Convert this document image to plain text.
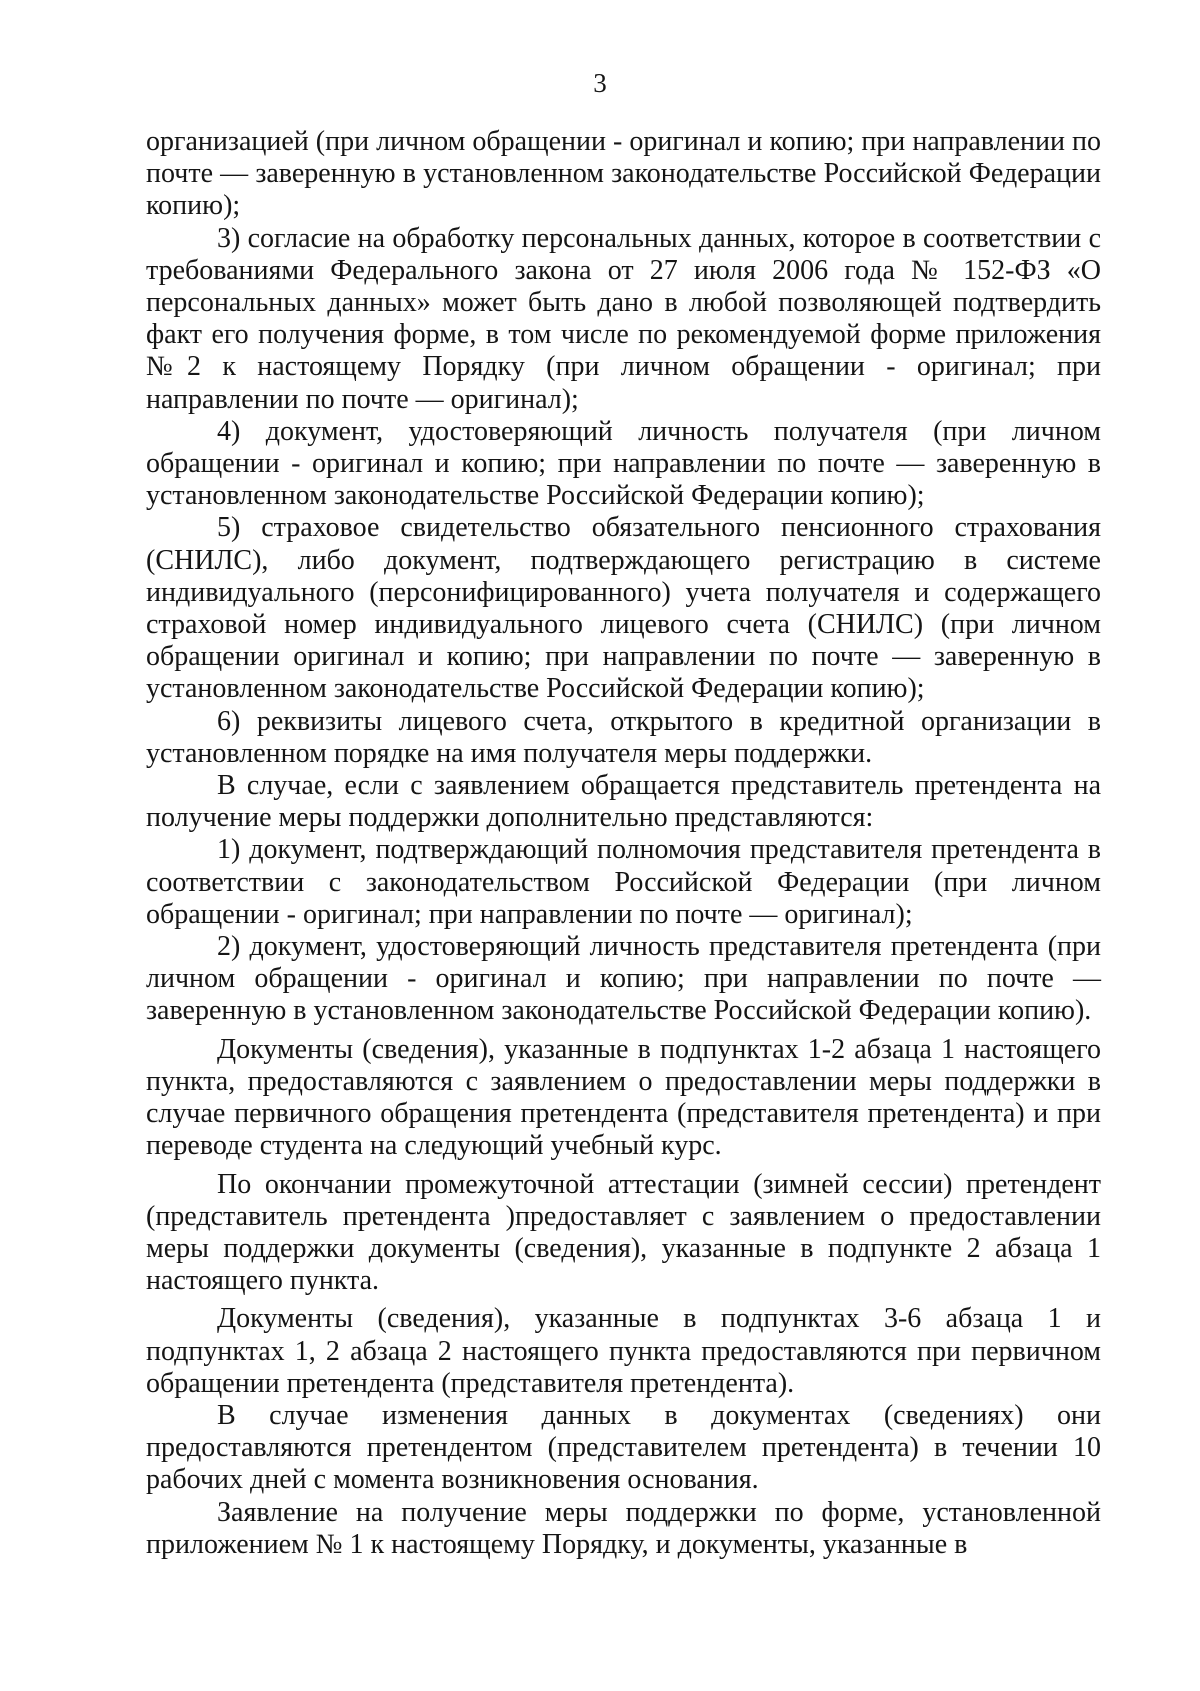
3

организацией (при личном обращении - оригинал и копию; при направлении по почте — заверенную в установленном законодательстве Российской Федерации копию);

3) согласие на обработку персональных данных, которое в соответствии с требованиями Федерального закона от 27 июля 2006 года № 152-ФЗ «О персональных данных» может быть дано в любой позволяющей подтвердить факт его получения форме, в том числе по рекомендуемой форме приложения №2 к настоящему Порядку (при личном обращении - оригинал; при направлении по почте — оригинал);

4) документ, удостоверяющий личность получателя (при личном обращении - оригинал и копию; при направлении по почте — заверенную в установленном законодательстве Российской Федерации копию);

5) страховое свидетельство обязательного пенсионного страхования (СНИЛС), либо документ, подтверждающего регистрацию в системе индивидуального (персонифицированного) учета получателя и содержащего страховой номер индивидуального лицевого счета (СНИЛС) (при личном обращении оригинал и копию; при направлении по почте — заверенную в установленном законодательстве Российской Федерации копию);

6) реквизиты лицевого счета, открытого в кредитной организации в установленном порядке на имя получателя меры поддержки.

В случае, если с заявлением обращается представитель претендента на получение меры поддержки дополнительно представляются:

1) документ, подтверждающий полномочия представителя претендента в соответствии с законодательством Российской Федерации (при личном обращении - оригинал; при направлении по почте — оригинал);

2) документ, удостоверяющий личность представителя претендента (при личном обращении - оригинал и копию; при направлении по почте — заверенную в установленном законодательстве Российской Федерации копию).

Документы (сведения), указанные в подпунктах 1-2 абзаца 1 настоящего пункта, предоставляются с заявлением о предоставлении меры поддержки в случае первичного обращения претендента (представителя претендента) и при переводе студента на следующий учебный курс.

По окончании промежуточной аттестации (зимней сессии) претендент (представитель претендента )предоставляет с заявлением о предоставлении меры поддержки документы (сведения), указанные в подпункте 2 абзаца 1 настоящего пункта.

Документы (сведения), указанные в подпунктах 3-6 абзаца 1 и подпунктах 1, 2 абзаца 2 настоящего пункта предоставляются при первичном обращении претендента (представителя претендента).

В случае изменения данных в документах (сведениях) они предоставляются претендентом (представителем претендента) в течении 10 рабочих дней с момента возникновения основания.

Заявление на получение меры поддержки по форме, установленной приложением № 1 к настоящему Порядку, и документы, указанные в
